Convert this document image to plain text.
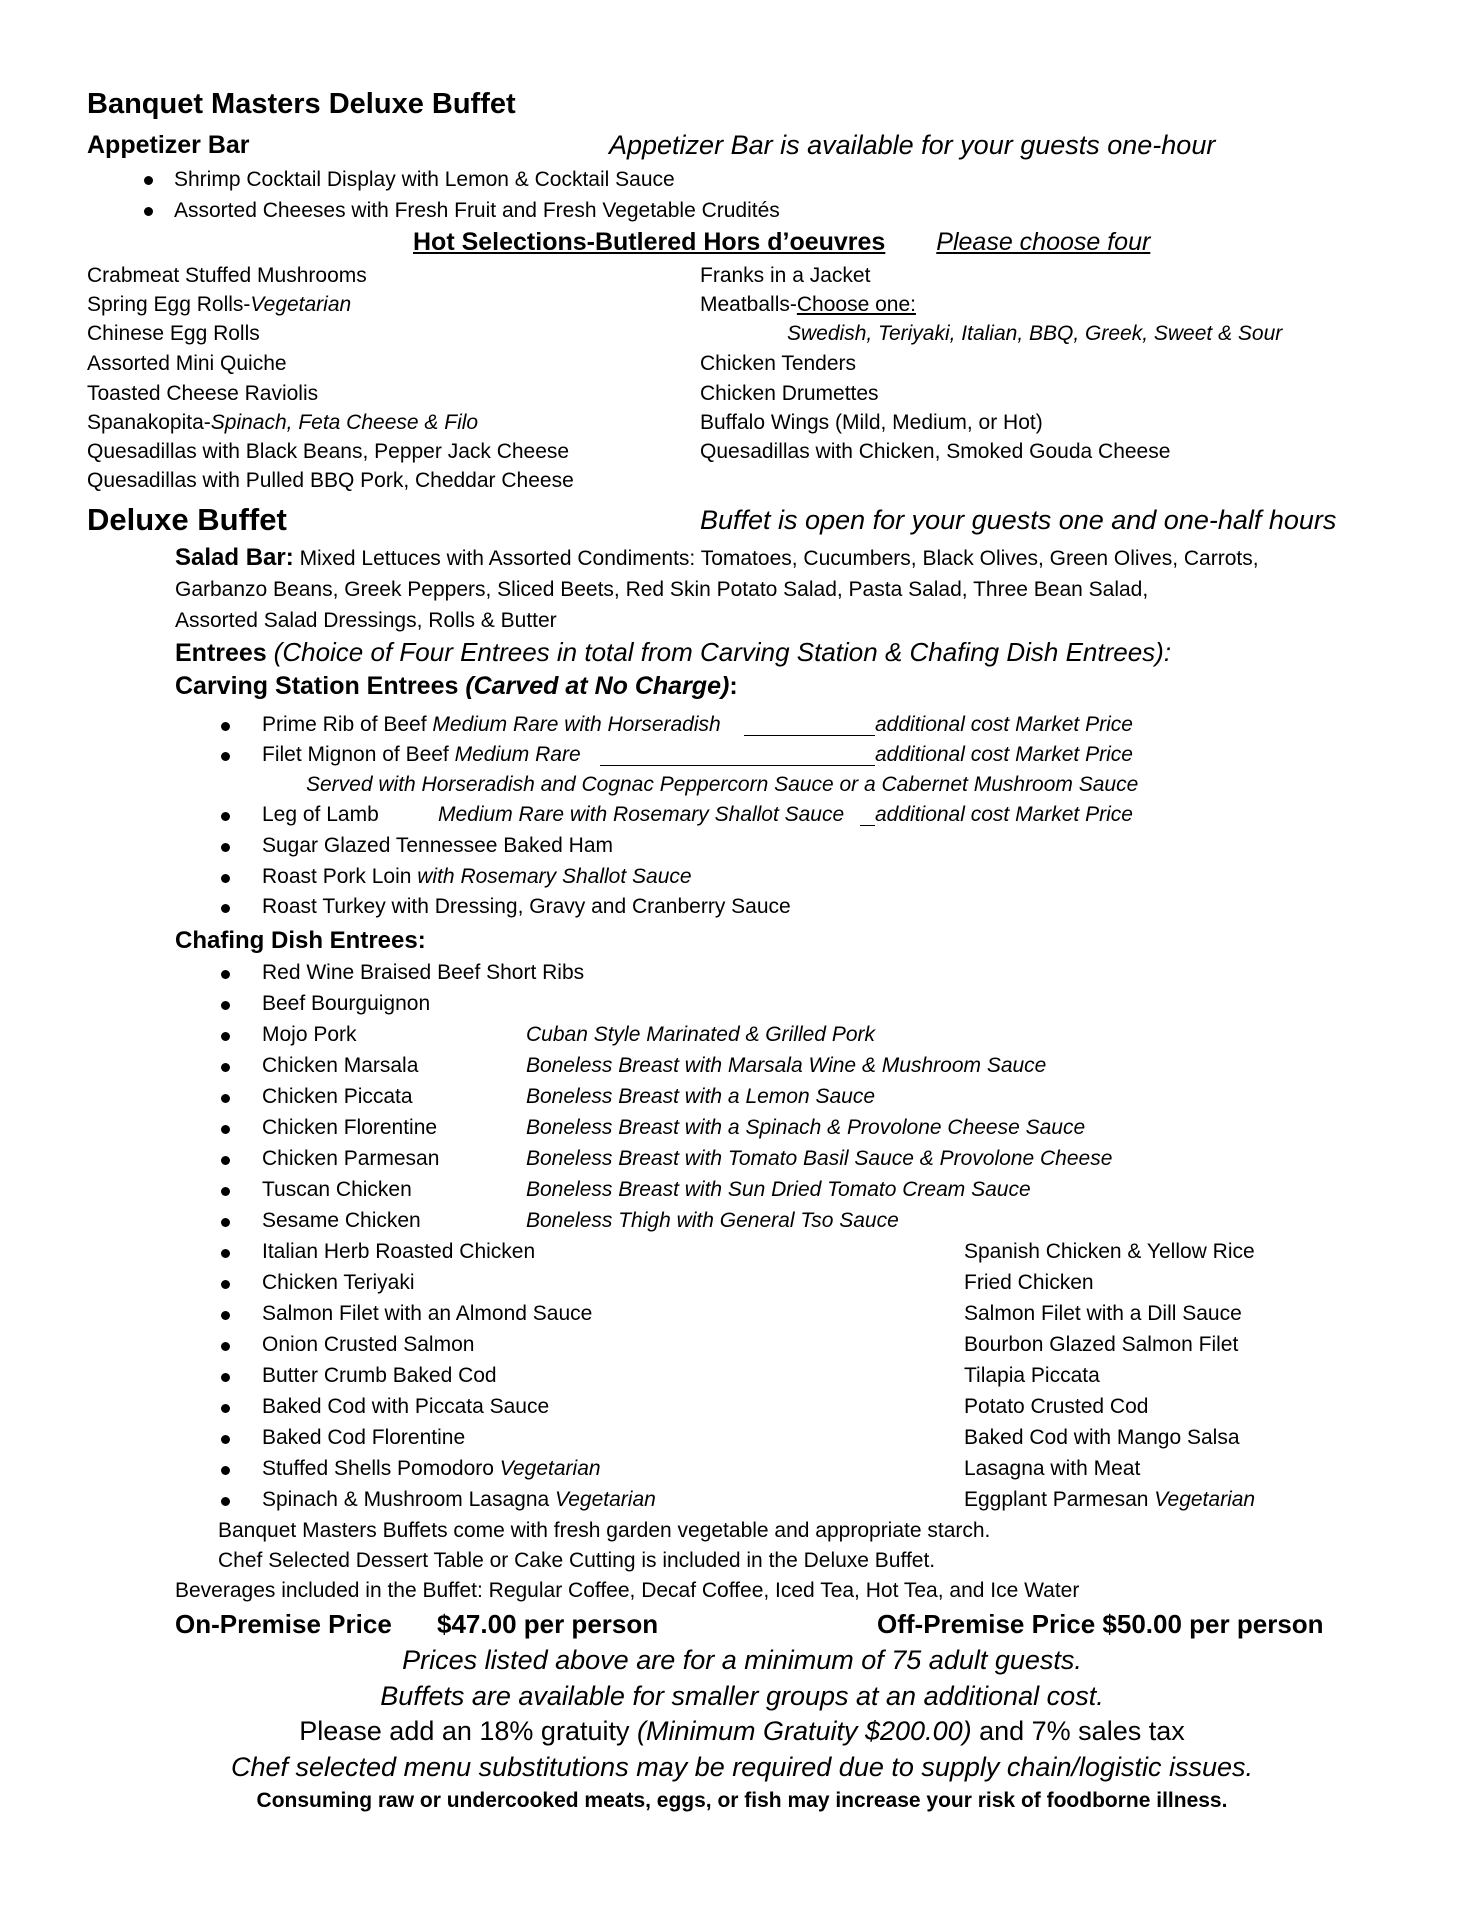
Banquet Masters Deluxe Buffet
Appetizer Bar	Appetizer Bar is available for your guests one-hour
Shrimp Cocktail Display with Lemon & Cocktail Sauce
Assorted Cheeses with Fresh Fruit and Fresh Vegetable Crudités
Hot Selections-Butlered Hors d’oeuvres Please choose four
Crabmeat Stuffed Mushrooms
Spring Egg Rolls-Vegetarian
Chinese Egg Rolls
Assorted Mini Quiche
Toasted Cheese Raviolis
Spanakopita-Spinach, Feta Cheese & Filo
Quesadillas with Black Beans, Pepper Jack Cheese
Quesadillas with Pulled BBQ Pork, Cheddar Cheese
Franks in a Jacket
Meatballs-Choose one:
Swedish, Teriyaki, Italian, BBQ, Greek, Sweet & Sour
Chicken Tenders
Chicken Drumettes
Buffalo Wings (Mild, Medium, or Hot)
Quesadillas with Chicken, Smoked Gouda Cheese
Deluxe Buffet	Buffet is open for your guests one and one-half hours
Salad Bar: Mixed Lettuces with Assorted Condiments: Tomatoes, Cucumbers, Black Olives, Green Olives, Carrots,
Garbanzo Beans, Greek Peppers, Sliced Beets, Red Skin Potato Salad, Pasta Salad, Three Bean Salad,
Assorted Salad Dressings, Rolls & Butter
Entrees (Choice of Four Entrees in total from Carving Station & Chafing Dish Entrees):
Carving Station Entrees (Carved at No Charge):
Prime Rib of Beef Medium Rare with Horseradish	additional cost Market Price
Filet Mignon of Beef Medium Rare	additional cost Market Price
Served with Horseradish and Cognac Peppercorn Sauce or a Cabernet Mushroom Sauce
Leg of Lamb	Medium Rare with Rosemary Shallot Sauce additional cost Market Price
Sugar Glazed Tennessee Baked Ham
Roast Pork Loin with Rosemary Shallot Sauce
Roast Turkey with Dressing, Gravy and Cranberry Sauce
Chafing Dish Entrees:
Red Wine Braised Beef Short Ribs
Beef Bourguignon
Mojo Pork	Cuban Style Marinated & Grilled Pork
Chicken Marsala	Boneless Breast with Marsala Wine & Mushroom Sauce
Chicken Piccata	Boneless Breast with a Lemon Sauce
Chicken Florentine	Boneless Breast with a Spinach & Provolone Cheese Sauce
Chicken Parmesan	Boneless Breast with Tomato Basil Sauce & Provolone Cheese
Tuscan Chicken	Boneless Breast with Sun Dried Tomato Cream Sauce
Sesame Chicken	Boneless Thigh with General Tso Sauce
Italian Herb Roasted Chicken	Spanish Chicken & Yellow Rice
Chicken Teriyaki	Fried Chicken
Salmon Filet with an Almond Sauce	Salmon Filet with a Dill Sauce
Onion Crusted Salmon	Bourbon Glazed Salmon Filet
Butter Crumb Baked Cod	Tilapia Piccata
Baked Cod with Piccata Sauce	Potato Crusted Cod
Baked Cod Florentine	Baked Cod with Mango Salsa
Stuffed Shells Pomodoro Vegetarian	Lasagna with Meat
Spinach & Mushroom Lasagna Vegetarian	Eggplant Parmesan Vegetarian
Banquet Masters Buffets come with fresh garden vegetable and appropriate starch.
Chef Selected Dessert Table or Cake Cutting is included in the Deluxe Buffet.
Beverages included in the Buffet: Regular Coffee, Decaf Coffee, Iced Tea, Hot Tea, and Ice Water
On-Premise Price $47.00 per person	Off-Premise Price $50.00 per person
Prices listed above are for a minimum of 75 adult guests.
Buffets are available for smaller groups at an additional cost.
Please add an 18% gratuity (Minimum Gratuity $200.00) and 7% sales tax
Chef selected menu substitutions may be required due to supply chain/logistic issues.
Consuming raw or undercooked meats, eggs, or fish may increase your risk of foodborne illness.
